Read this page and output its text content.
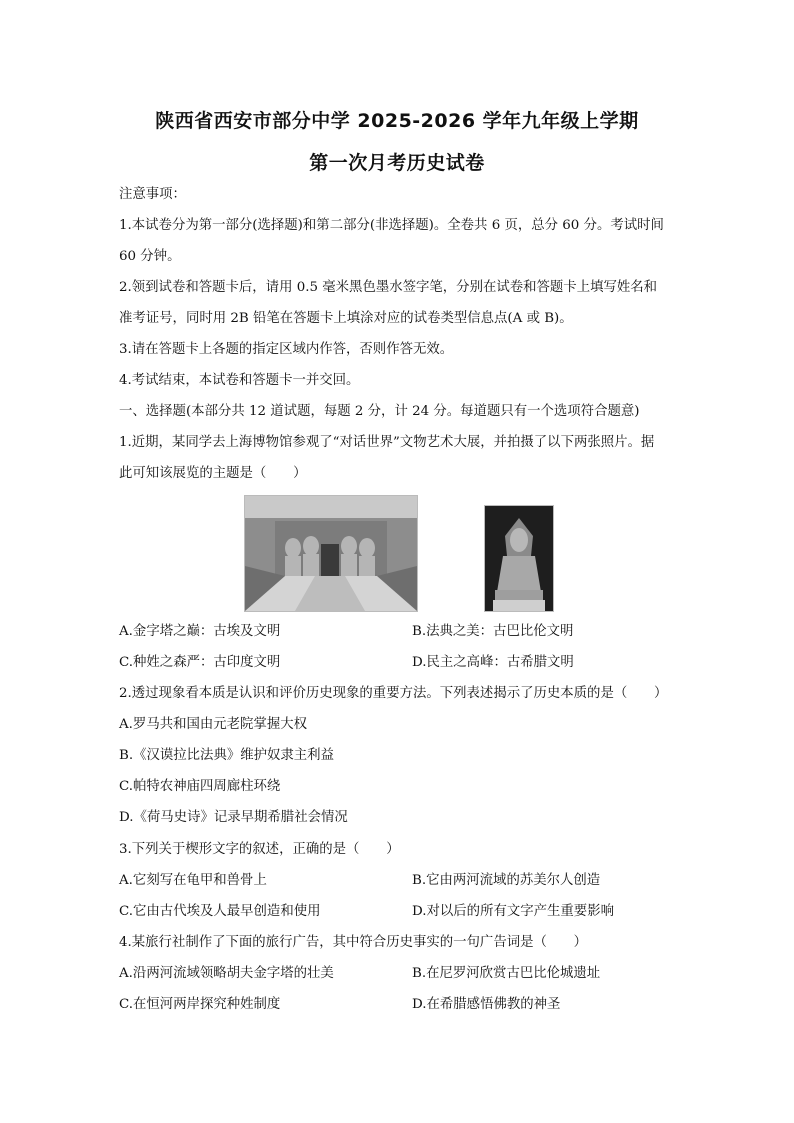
陕西省西安市部分中学 2025-2026 学年九年级上学期
第一次月考历史试卷
注意事项：
1.本试卷分为第一部分(选择题)和第二部分(非选择题)。全卷共 6 页，总分 60 分。考试时间
60 分钟。
2.领到试卷和答题卡后，请用 0.5 毫米黑色墨水签字笔，分别在试卷和答题卡上填写姓名和
准考证号，同时用 2B 铅笔在答题卡上填涂对应的试卷类型信息点(A 或 B)。
3.请在答题卡上各题的指定区域内作答，否则作答无效。
4.考试结束，本试卷和答题卡一并交回。
一、选择题(本部分共 12 道试题，每题 2 分，计 24 分。每道题只有一个选项符合题意)
1.近期，某同学去上海博物馆参观了“对话世界”文物艺术大展，并拍摄了以下两张照片。据
此可知该展览的主题是（　　）
A.金字塔之巅：古埃及文明	B.法典之美：古巴比伦文明
C.种姓之森严：古印度文明	D.民主之高峰：古希腊文明
2.透过现象看本质是认识和评价历史现象的重要方法。下列表述揭示了历史本质的是（　　）
A.罗马共和国由元老院掌握大权
B.《汉谟拉比法典》维护奴隶主利益
C.帕特农神庙四周廊柱环绕
D.《荷马史诗》记录早期希腊社会情况
3.下列关于楔形文字的叙述，正确的是（　　）
A.它刻写在龟甲和兽骨上	B.它由两河流域的苏美尔人创造
C.它由古代埃及人最早创造和使用	D.对以后的所有文字产生重要影响
4.某旅行社制作了下面的旅行广告，其中符合历史事实的一句广告词是（　　）
A.沿两河流域领略胡夫金字塔的壮美	B.在尼罗河欣赏古巴比伦城遗址
C.在恒河两岸探究种姓制度	D.在希腊感悟佛教的神圣
